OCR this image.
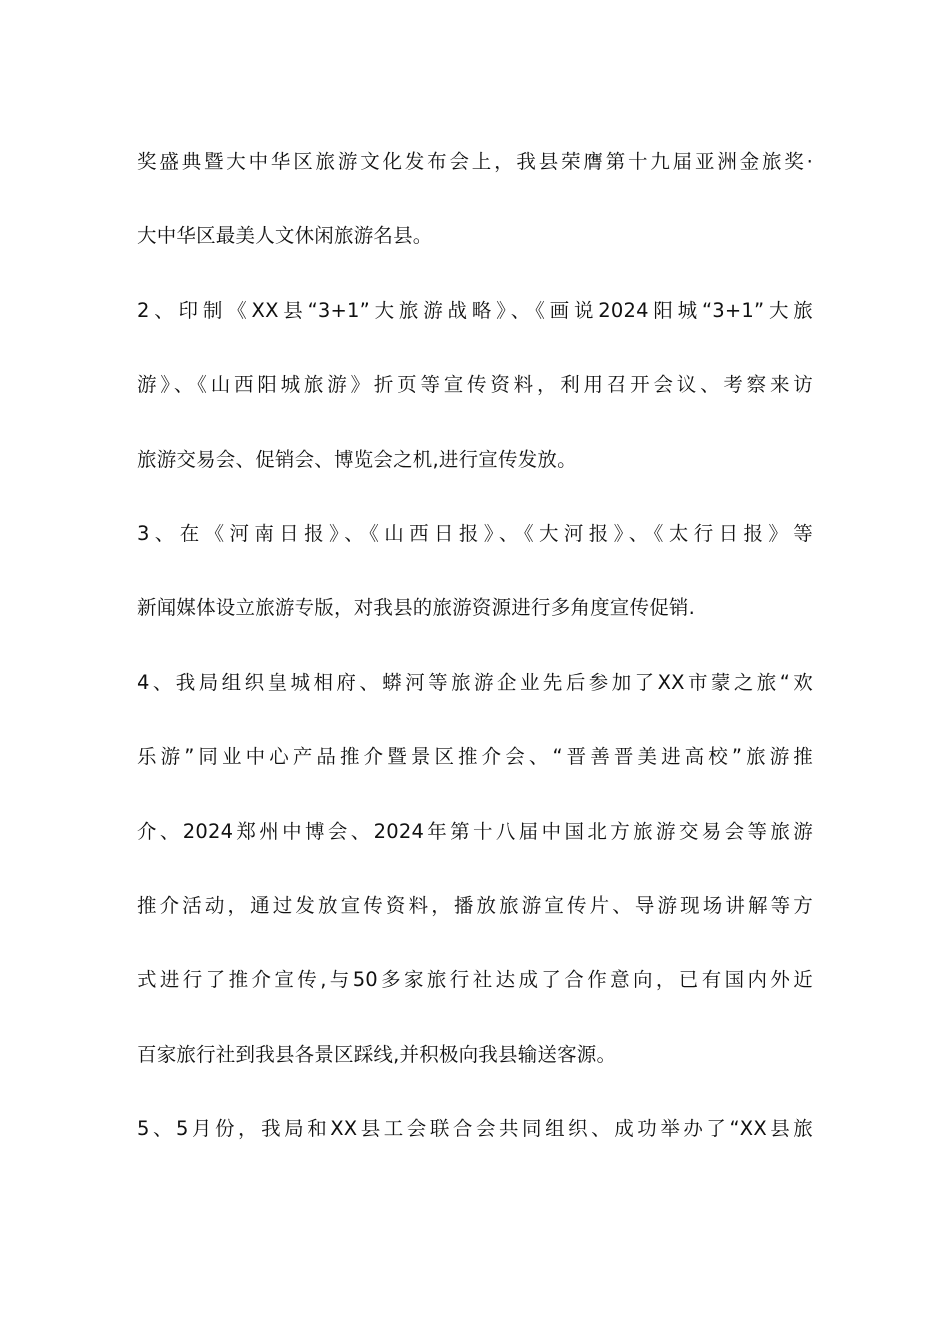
奖盛典暨大中华区旅游文化发布会上，我县荣膺第十九届亚洲金旅奖·
大中华区最美人文休闲旅游名县。
2、印制《XX县“3+1”大旅游战略》、《画说2024阳城“3+1”大旅
游》、《山西阳城旅游》折页等宣传资料，利用召开会议、考察来访
旅游交易会、促销会、博览会之机,进行宣传发放。
3、在《河南日报》、《山西日报》、《大河报》、《太行日报》等
新闻媒体设立旅游专版，对我县的旅游资源进行多角度宣传促销.
4、我局组织皇城相府、蟒河等旅游企业先后参加了XX市蒙之旅“欢
乐游”同业中心产品推介暨景区推介会、“晋善晋美进高校”旅游推
介、2024郑州中博会、2024年第十八届中国北方旅游交易会等旅游
推介活动，通过发放宣传资料，播放旅游宣传片、导游现场讲解等方
式进行了推介宣传,与50多家旅行社达成了合作意向，已有国内外近
百家旅行社到我县各景区踩线,并积极向我县输送客源。
5、5月份，我局和XX县工会联合会共同组织、成功举办了“XX县旅
